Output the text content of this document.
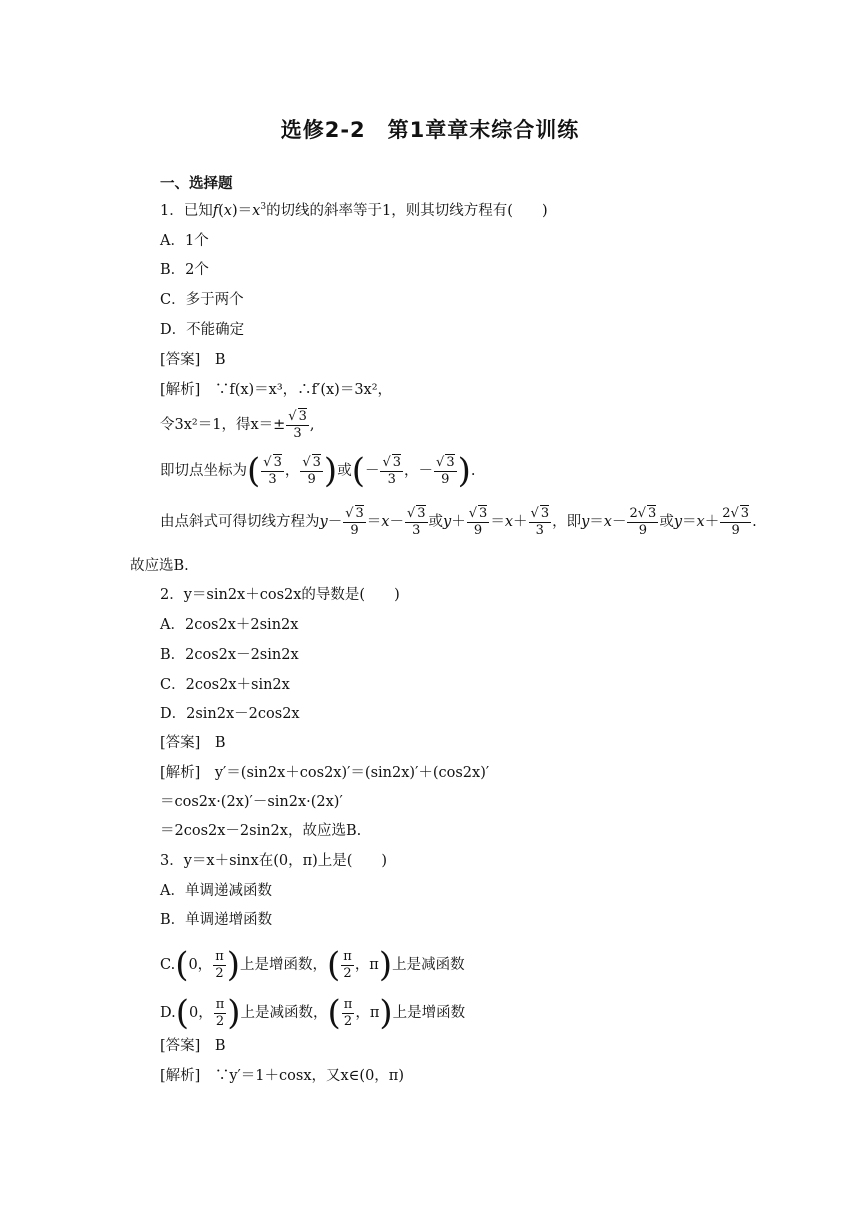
选修2-2　第1章章末综合训练
一、选择题
1．已知$f(x)=x^3$的切线的斜率等于1，则其切线方程有(　　)
A．1个
B．2个
C．多于两个
D．不能确定
[答案]　 B
[解析]　 ∵f(x)＝x³，∴f′(x)＝3x²，
令3x²＝1，得$x=\pm \frac{√ 3}{3}$ ,
即切点坐标为( $\frac{√ 3}{3}$ ， $\frac{√ 3}{9}$ )或(－ $\frac{√ 3}{3}$ ，－ $\frac{√ 3}{9}$ ).
由点斜式可得切线方程为$y- \frac{√ 3}{9} =x- \frac{√ 3}{3}$ 或$y+ \frac{√ 3}{9} =x+ \frac{√ 3}{3}$ ，即$y=x- \frac{2√ 3}{9}$ 或$y=x+ \frac{2√ 3}{9}$ .
故应选B.
2．y＝sin2x＋cos2x的导数是(　　)
A．2cos2x＋2sin2x
B．2cos2x－2sin2x
C．2cos2x＋sin2x
D．2sin2x－2cos2x
[答案]　 B
[解析]　 y′＝(sin2x＋cos2x)′＝(sin2x)′＋(cos2x)′
＝cos2x·(2x)′－sin2x·(2x)′
＝2cos2x－2sin2x，故应选B.
3．y＝x＋sinx在(0，π)上是(　　)
A．单调递减函数
B．单调递增函数
C.(0， $\frac{\pi}{2}$ )上是增函数，( $\frac{\pi}{2}$ ，π)上是减函数
D.(0， $\frac{\pi}{2}$ )上是减函数，( $\frac{\pi}{2}$ ，π)上是增函数
[答案]　 B
[解析]　 ∵y′＝1＋cosx，又x∈(0，π)
